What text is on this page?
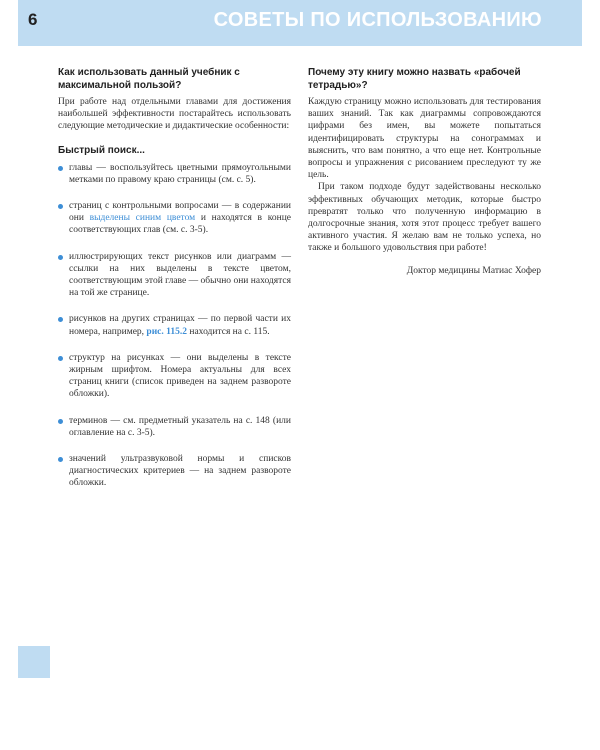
6	СОВЕТЫ ПО ИСПОЛЬЗОВАНИЮ
Как использовать данный учебник с максимальной пользой?

При работе над отдельными главами для достижения наибольшей эффективности постарайтесь использовать следующие методические и дидактические особенности:

Быстрый поиск...
главы — воспользуйтесь цветными прямоугольными метками по правому краю страницы (см. с. 5).
страниц с контрольными вопросами — в содержании они выделены синим цветом и находятся в конце соответствующих глав (см. с. 3-5).
иллюстрирующих текст рисунков или диаграмм — ссылки на них выделены в тексте цветом, соответствующим этой главе — обычно они находятся на той же странице.
рисунков на других страницах — по первой части их номера, например, рис. 115.2 находится на с. 115.
структур на рисунках — они выделены в тексте жирным шрифтом. Номера актуальны для всех страниц книги (список приведен на заднем развороте обложки).
терминов — см. предметный указатель на с. 148 (или оглавление на с. 3-5).
значений ультразвуковой нормы и списков диагностических критериев — на заднем развороте обложки.
Почему эту книгу можно назвать «рабочей тетрадью»?

Каждую страницу можно использовать для тестирования ваших знаний. Так как диаграммы сопровождаются цифрами без имен, вы можете попытаться идентифицировать структуры на сонограммах и выяснить, что вам понятно, а что еще нет. Контрольные вопросы и упражнения с рисованием преследуют ту же цель.

При таком подходе будут задействованы несколько эффективных обучающих методик, которые быстро превратят только что полученную информацию в долгосрочные знания, хотя этот процесс требует вашего активного участия. Я желаю вам не только успеха, но также и большого удовольствия при работе!

Доктор медицины Матиас Хофер
